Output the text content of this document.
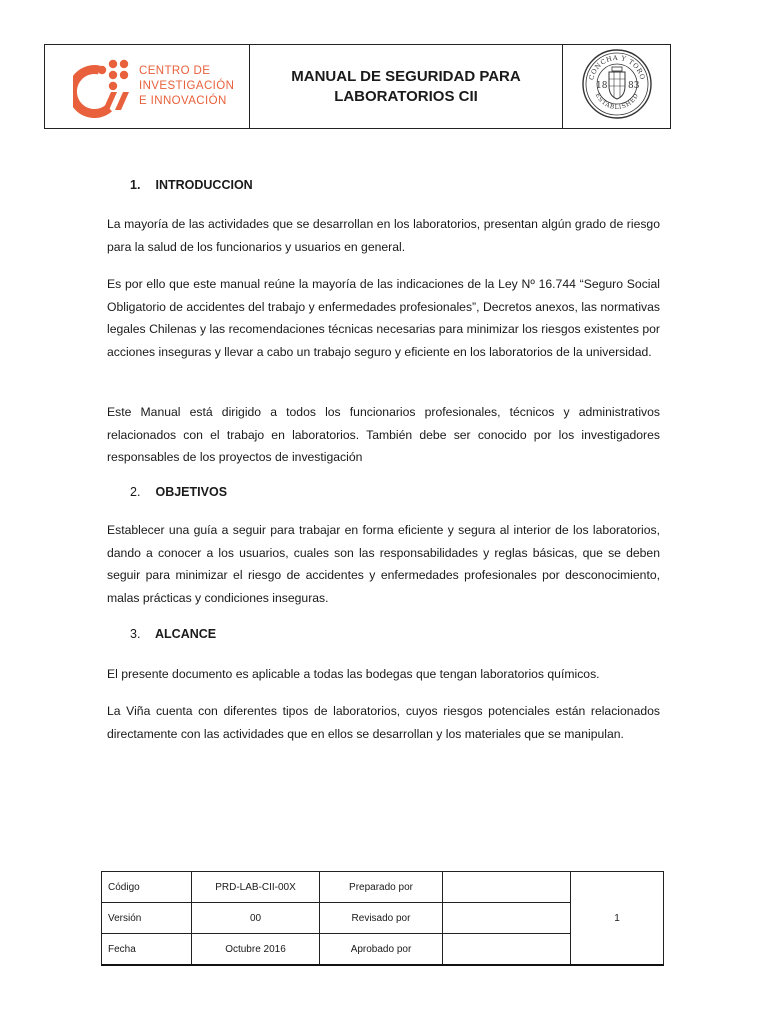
CENTRO DE
INVESTIGACIÓN
E INNOVACIÓN

MANUAL DE SEGURIDAD PARA
LABORATORIOS CII

CONCHA Y TORO
ESTABLISHED
18 83
1. INTRODUCCION
La mayoría de las actividades que se desarrollan en los laboratorios, presentan algún grado de riesgo para la salud de los funcionarios y usuarios en general.
Es por ello que este manual reúne la mayoría de las indicaciones de la Ley Nº 16.744 “Seguro Social Obligatorio de accidentes del trabajo y enfermedades profesionales”, Decretos anexos, las normativas legales Chilenas y las recomendaciones técnicas necesarias para minimizar los riesgos existentes por acciones inseguras y llevar a cabo un trabajo seguro y eficiente en los laboratorios de la universidad.
Este Manual está dirigido a todos los funcionarios profesionales, técnicos y administrativos relacionados con el trabajo en laboratorios. También debe ser conocido por los investigadores responsables de los proyectos de investigación
2. OBJETIVOS
Establecer una guía a seguir para trabajar en forma eficiente y segura al interior de los laboratorios, dando a conocer a los usuarios, cuales son las responsabilidades y reglas básicas, que se deben seguir para minimizar el riesgo de accidentes y enfermedades profesionales por desconocimiento, malas prácticas y condiciones inseguras.
3. ALCANCE
El presente documento es aplicable a todas las bodegas que tengan laboratorios químicos.
La Viña cuenta con diferentes tipos de laboratorios, cuyos riesgos potenciales están relacionados directamente con las actividades que en ellos se desarrollan y los materiales que se manipulan.
Código	PRD-LAB-CII-00X	Preparado por		1
Versión	00	Revisado por		
Fecha	Octubre 2016	Aprobado por		
